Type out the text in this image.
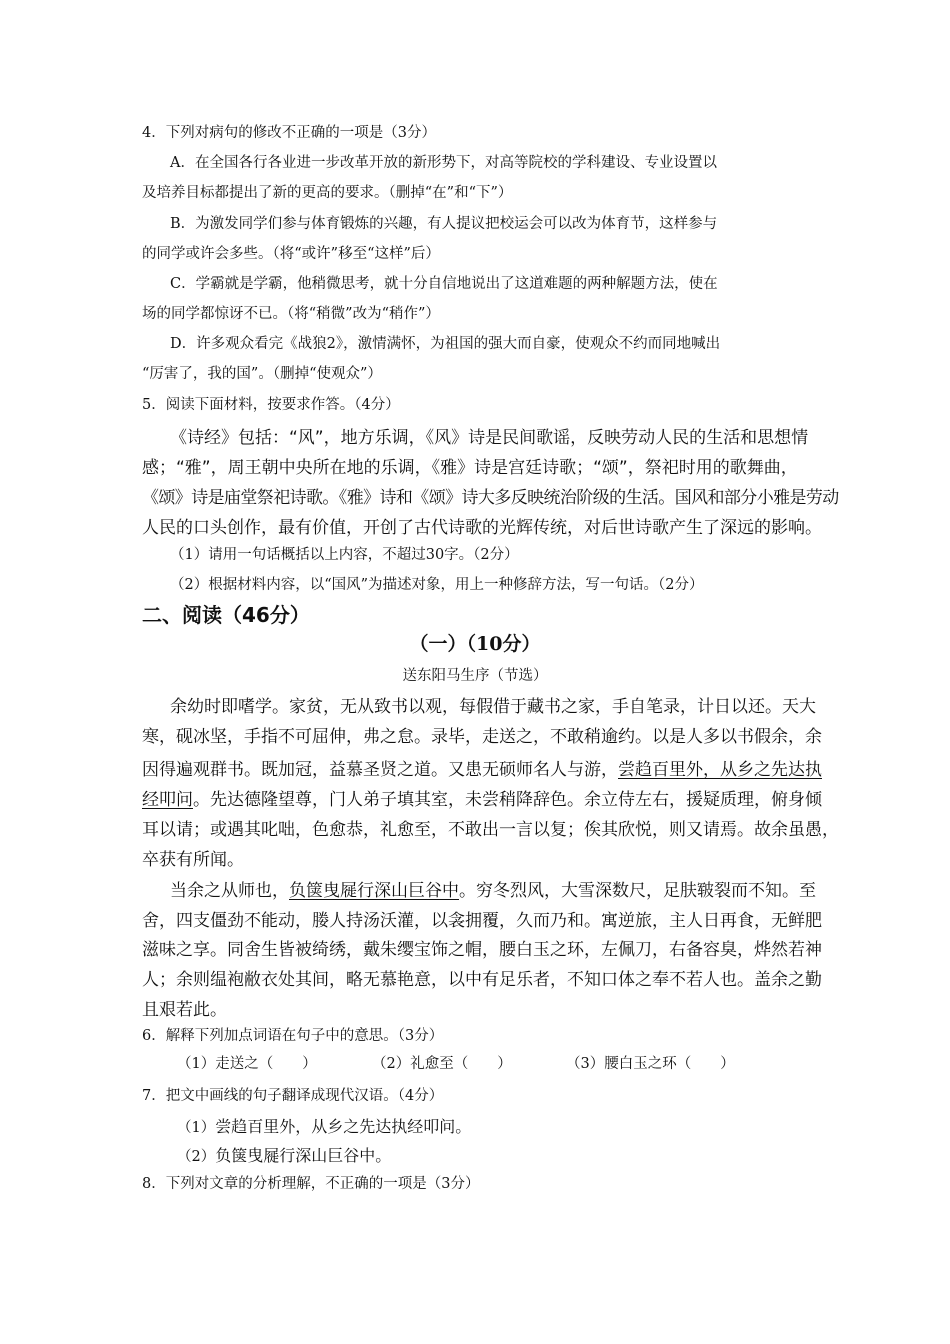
4．下列对病句的修改不正确的一项是（3分）
A．在全国各行各业进一步改革开放的新形势下，对高等院校的学科建设、专业设置以
及培养目标都提出了新的更高的要求。（删掉“在”和“下”）
B．为激发同学们参与体育锻炼的兴趣，有人提议把校运会可以改为体育节，这样参与
的同学或许会多些。（将“或许”移至“这样”后）
C．学霸就是学霸，他稍微思考，就十分自信地说出了这道难题的两种解题方法，使在
场的同学都惊讶不已。（将“稍微”改为“稍作”）
D．许多观众看完《战狼2》，激情满怀，为祖国的强大而自豪，使观众不约而同地喊出
“厉害了，我的国”。（删掉“使观众”）
5．阅读下面材料，按要求作答。（4分）
《诗经》包括：“风”，地方乐调，《风》诗是民间歌谣，反映劳动人民的生活和思想情
感；“雅”，周王朝中央所在地的乐调，《雅》诗是宫廷诗歌；“颂”，祭祀时用的歌舞曲，
《颂》诗是庙堂祭祀诗歌。《雅》诗和《颂》诗大多反映统治阶级的生活。国风和部分小雅是劳动
人民的口头创作，最有价值，开创了古代诗歌的光辉传统，对后世诗歌产生了深远的影响。
（1）请用一句话概括以上内容，不超过30字。（2分）
（2）根据材料内容，以“国风”为描述对象，用上一种修辞方法，写一句话。（2分）
二、阅读（46分）
（一）（10分）
送东阳马生序（节选）
余幼时即嗜学。家贫，无从致书以观，每假借于藏书之家，手自笔录，计日以还。天大
寒，砚冰坚，手指不可屈伸，弗之怠。录毕，走送之，不敢稍逾约。以是人多以书假余，余
因得遍观群书。既加冠，益慕圣贤之道。又患无硕师名人与游，尝趋百里外，从乡之先达执
经叩问。先达德隆望尊，门人弟子填其室，未尝稍降辞色。余立侍左右，援疑质理，俯身倾
耳以请；或遇其叱咄，色愈恭，礼愈至，不敢出一言以复；俟其欣悦，则又请焉。故余虽愚，
卒获有所闻。
当余之从师也，负箧曳屣行深山巨谷中。穷冬烈风，大雪深数尺，足肤皲裂而不知。至
舍，四支僵劲不能动，媵人持汤沃灌，以衾拥覆，久而乃和。寓逆旅，主人日再食，无鲜肥
滋味之享。同舍生皆被绮绣，戴朱缨宝饰之帽，腰白玉之环，左佩刀，右备容臭，烨然若神
人；余则缊袍敝衣处其间，略无慕艳意，以中有足乐者，不知口体之奉不若人也。盖余之勤
且艰若此。
6．解释下列加点词语在句子中的意思。（3分）
（1）走送之（　　）	（2）礼愈至（　　）	（3）腰白玉之环（　　）
7．把文中画线的句子翻译成现代汉语。（4分）
（1）尝趋百里外，从乡之先达执经叩问。
（2）负箧曳屣行深山巨谷中。
8．下列对文章的分析理解，不正确的一项是（3分）
